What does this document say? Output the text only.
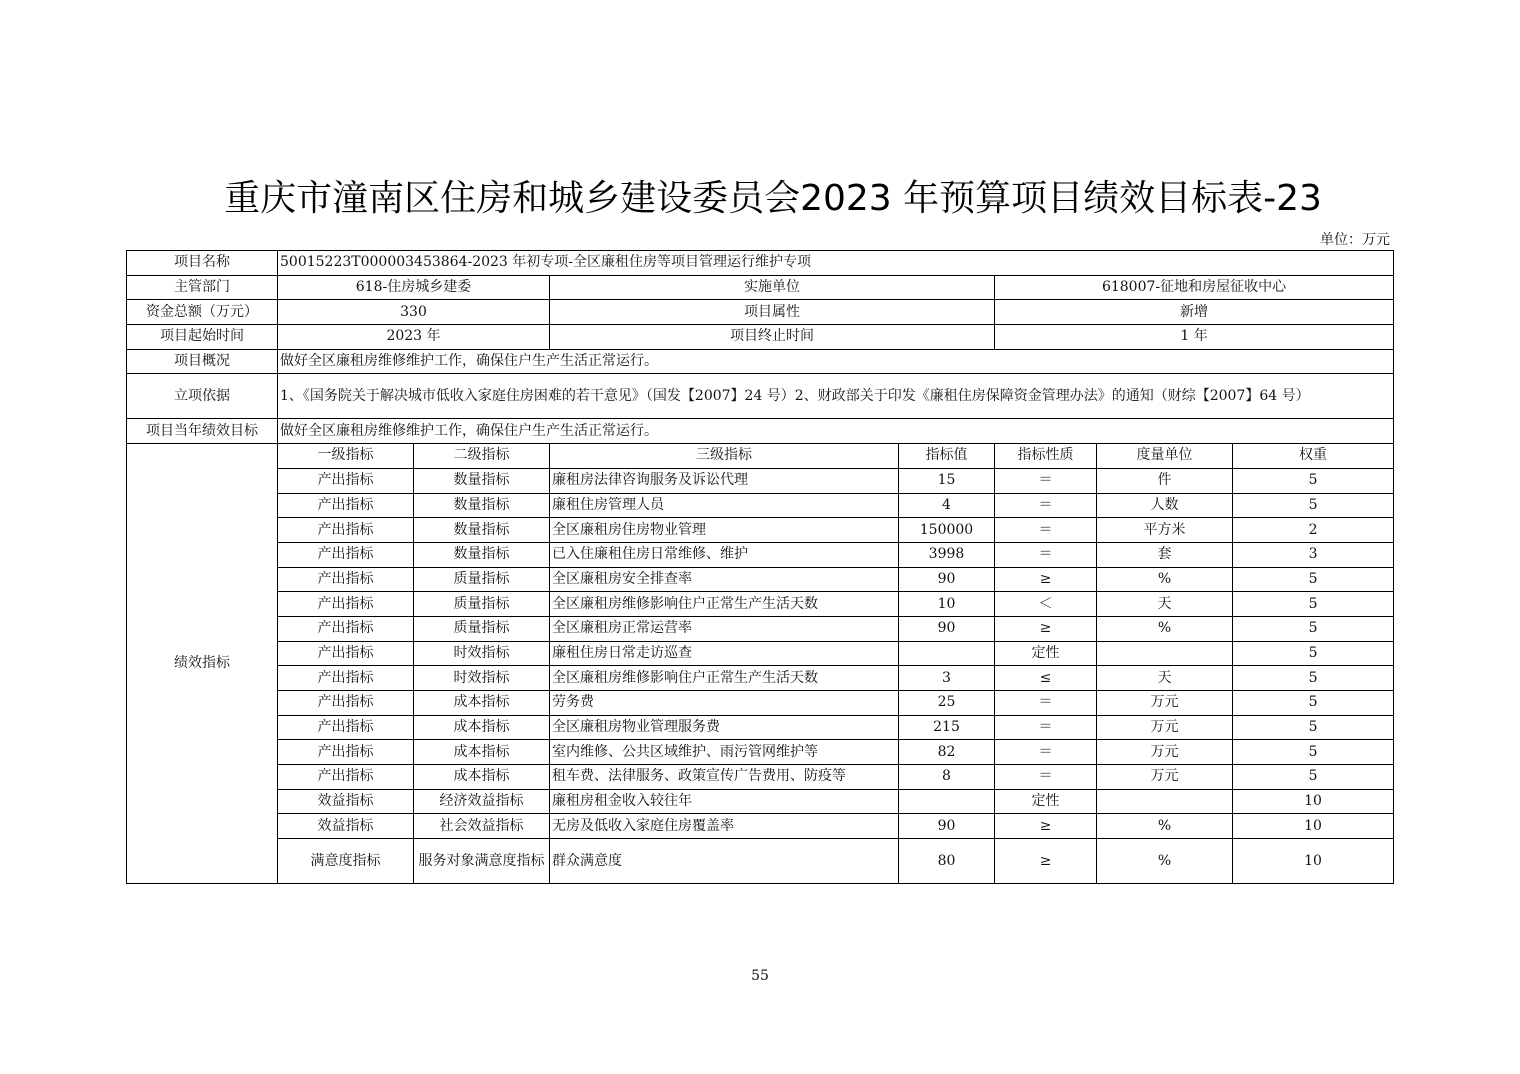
重庆市潼南区住房和城乡建设委员会2023 年预算项目绩效目标表-23
单位：万元
项目名称	50015223T000003453864-2023 年初专项-全区廉租住房等项目管理运行维护专项						
主管部门	618-住房城乡建委		实施单位		618007-征地和房屋征收中心		
资金总额（万元）	330		项目属性		新增		
项目起始时间	2023 年		项目终止时间		1 年		
项目概况	做好全区廉租房维修维护工作，确保住户生产生活正常运行。						
立项依据	1、《国务院关于解决城市低收入家庭住房困难的若干意见》（国发【2007】24 号）2、财政部关于印发《廉租住房保障资金管理办法》的通知（财综【2007】64 号）						
项目当年绩效目标	做好全区廉租房维修维护工作，确保住户生产生活正常运行。						
绩效指标	一级指标	二级指标	三级指标	指标值	指标性质	度量单位	权重
	产出指标	数量指标	廉租房法律咨询服务及诉讼代理	15	＝	件	5
	产出指标	数量指标	廉租住房管理人员	4	＝	人数	5
	产出指标	数量指标	全区廉租房住房物业管理	150000	＝	平方米	2
	产出指标	数量指标	已入住廉租住房日常维修、维护	3998	＝	套	3
	产出指标	质量指标	全区廉租房安全排查率	90	≥	%	5
	产出指标	质量指标	全区廉租房维修影响住户正常生产生活天数	10	＜	天	5
	产出指标	质量指标	全区廉租房正常运营率	90	≥	%	5
	产出指标	时效指标	廉租住房日常走访巡查		定性		5
	产出指标	时效指标	全区廉租房维修影响住户正常生产生活天数	3	≤	天	5
	产出指标	成本指标	劳务费	25	＝	万元	5
	产出指标	成本指标	全区廉租房物业管理服务费	215	＝	万元	5
	产出指标	成本指标	室内维修、公共区域维护、雨污管网维护等	82	＝	万元	5
	产出指标	成本指标	租车费、法律服务、政策宣传广告费用、防疫等	8	＝	万元	5
	效益指标	经济效益指标	廉租房租金收入较往年		定性		10
	效益指标	社会效益指标	无房及低收入家庭住房覆盖率	90	≥	%	10
	满意度指标	服务对象满意度指标	群众满意度	80	≥	%	10
55
